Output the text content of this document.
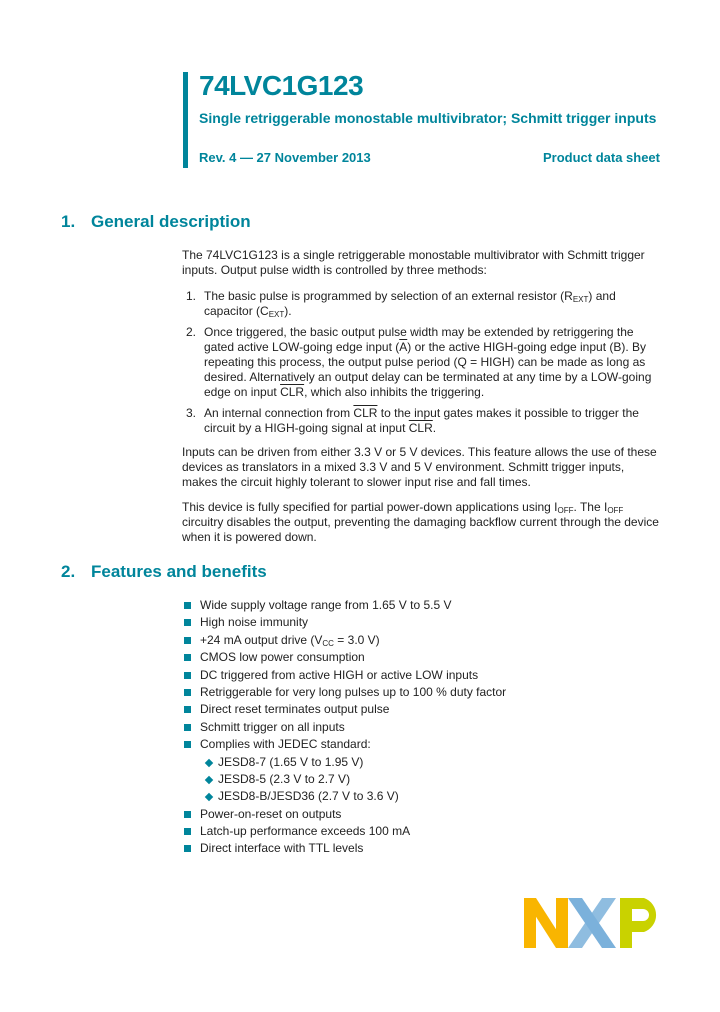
74LVC1G123
Single retriggerable monostable multivibrator; Schmitt trigger inputs
Rev. 4 — 27 November 2013	Product data sheet
1. General description
The 74LVC1G123 is a single retriggerable monostable multivibrator with Schmitt trigger inputs. Output pulse width is controlled by three methods:
1. The basic pulse is programmed by selection of an external resistor $(R_{EXT})$ and capacitor $(C_{EXT})$.
2. Once triggered, the basic output pulse width may be extended by retriggering the gated active LOW-going edge input $(\overline{A})$ or the active HIGH-going edge input (B). By repeating this process, the output pulse period (Q = HIGH) can be made as long as desired. Alternatively an output delay can be terminated at any time by a LOW-going edge on input $\overline{CLR}$, which also inhibits the triggering.
3. An internal connection from $\overline{CLR}$ to the input gates makes it possible to trigger the circuit by a HIGH-going signal at input $\overline{CLR}$.
Inputs can be driven from either 3.3 V or 5 V devices. This feature allows the use of these devices as translators in a mixed 3.3 V and 5 V environment. Schmitt trigger inputs, makes the circuit highly tolerant to slower input rise and fall times.
This device is fully specified for partial power-down applications using $I_{OFF}$. The $I_{OFF}$ circuitry disables the output, preventing the damaging backflow current through the device when it is powered down.
2. Features and benefits
Wide supply voltage range from 1.65 V to 5.5 V
High noise immunity
+24 mA output drive ($V_{CC} = 3.0$ V)
CMOS low power consumption
DC triggered from active HIGH or active LOW inputs
Retriggerable for very long pulses up to 100 % duty factor
Direct reset terminates output pulse
Schmitt trigger on all inputs
Complies with JEDEC standard:
JESD8-7 (1.65 V to 1.95 V)
JESD8-5 (2.3 V to 2.7 V)
JESD8-B/JESD36 (2.7 V to 3.6 V)
Power-on-reset on outputs
Latch-up performance exceeds 100 mA
Direct interface with TTL levels
